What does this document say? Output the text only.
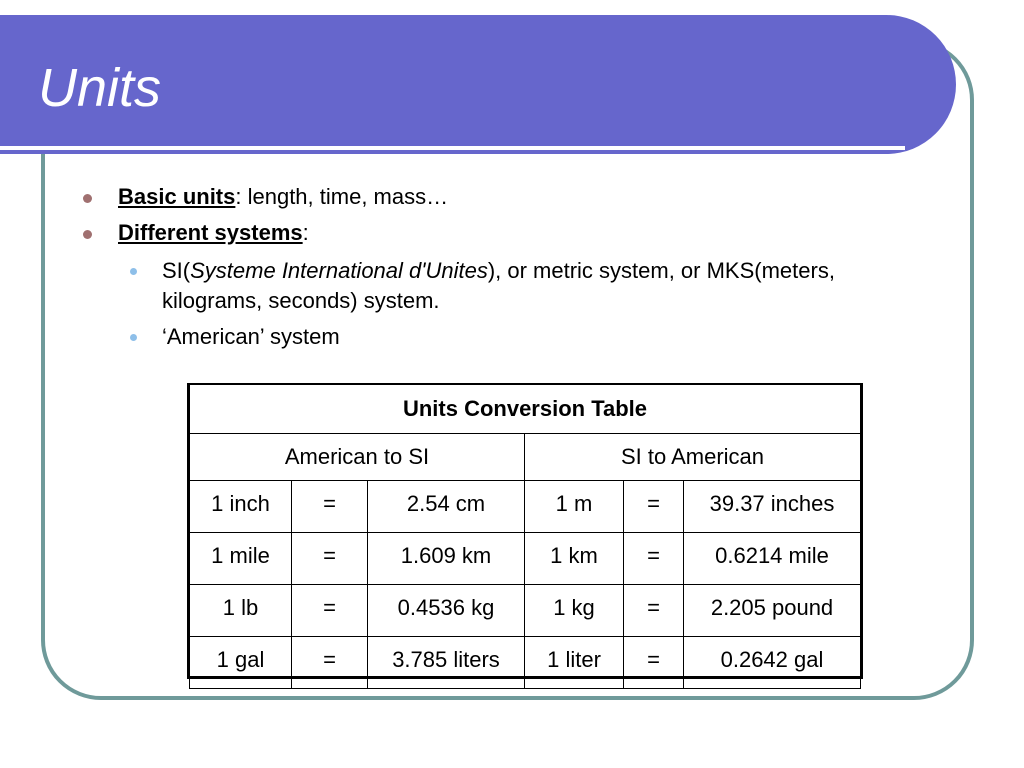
Units
Basic units: length, time, mass…
Different systems:
SI(Systeme International d'Unites), or metric system, or MKS(meters, kilograms, seconds) system.
‘American’ system
Units Conversion Table					
American to SI			SI to American		
1 inch	=	2.54 cm	1 m	=	39.37 inches
1 mile	=	1.609 km	1 km	=	0.6214 mile
1 lb	=	0.4536 kg	1 kg	=	2.205 pound
1 gal	=	3.785 liters	1 liter	=	0.2642 gal
